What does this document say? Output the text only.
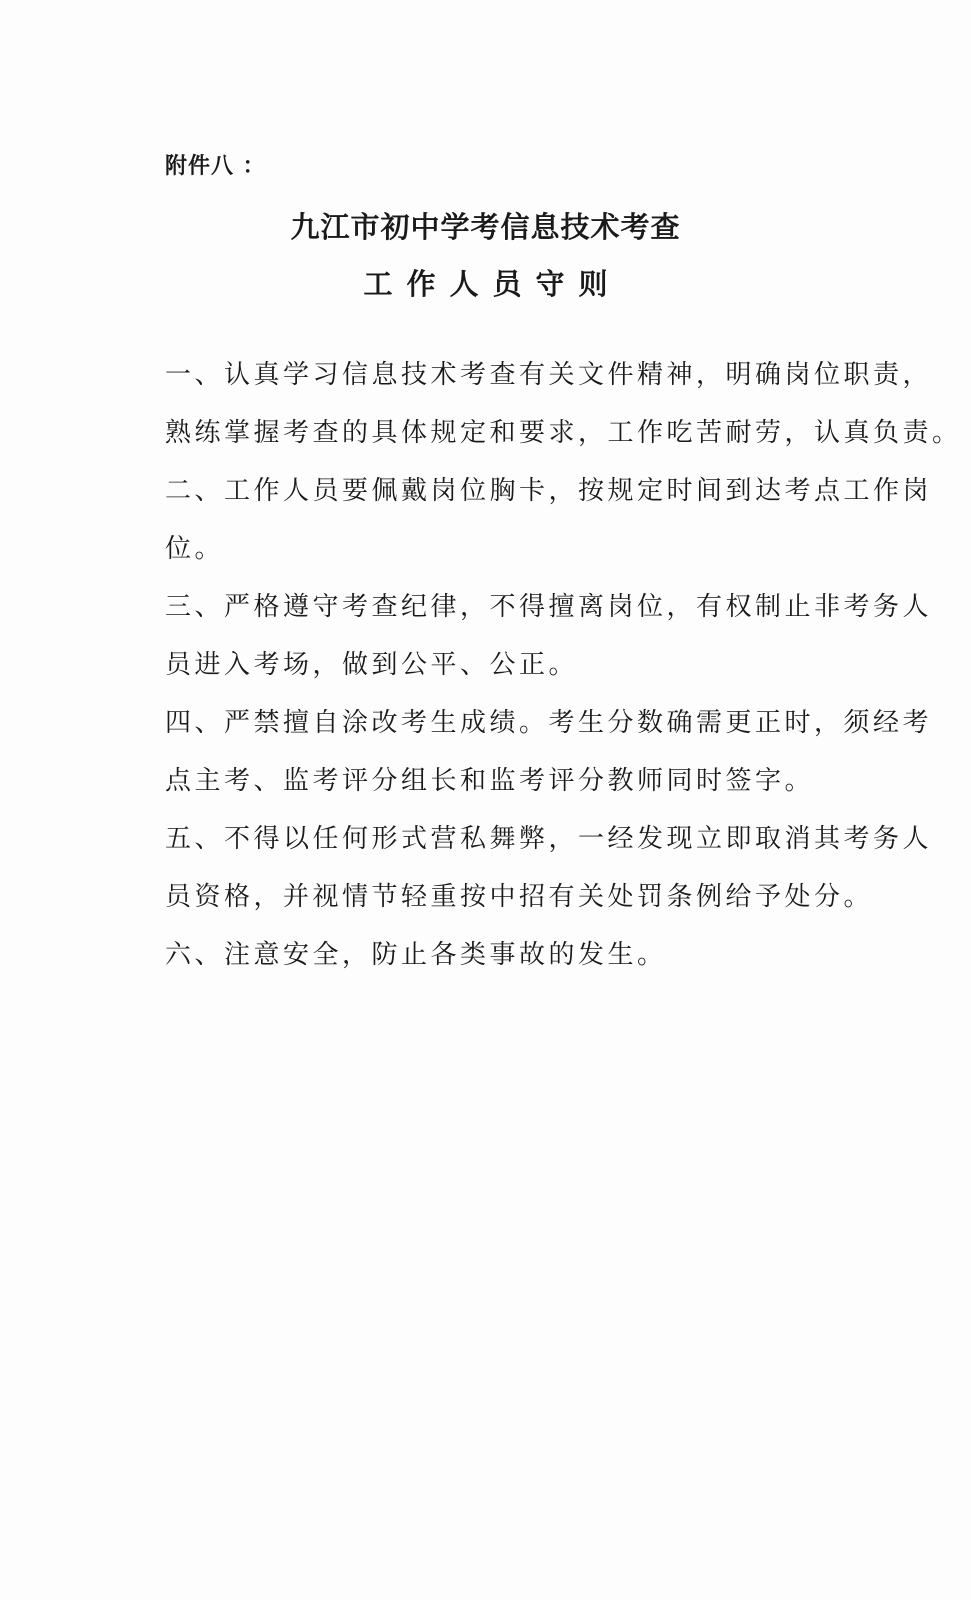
附件八 ：
九江市初中学考信息技术考查
工作人员守则
一、认真学习信息技术考查有关文件精神，明确岗位职责，
熟练掌握考查的具体规定和要求，工作吃苦耐劳，认真负责。
二、工作人员要佩戴岗位胸卡，按规定时间到达考点工作岗
位。
三、严格遵守考查纪律，不得擅离岗位，有权制止非考务人
员进入考场，做到公平、公正。
四、严禁擅自涂改考生成绩。考生分数确需更正时，须经考
点主考、监考评分组长和监考评分教师同时签字。
五、不得以任何形式营私舞弊，一经发现立即取消其考务人
员资格，并视情节轻重按中招有关处罚条例给予处分。
六、注意安全，防止各类事故的发生。
